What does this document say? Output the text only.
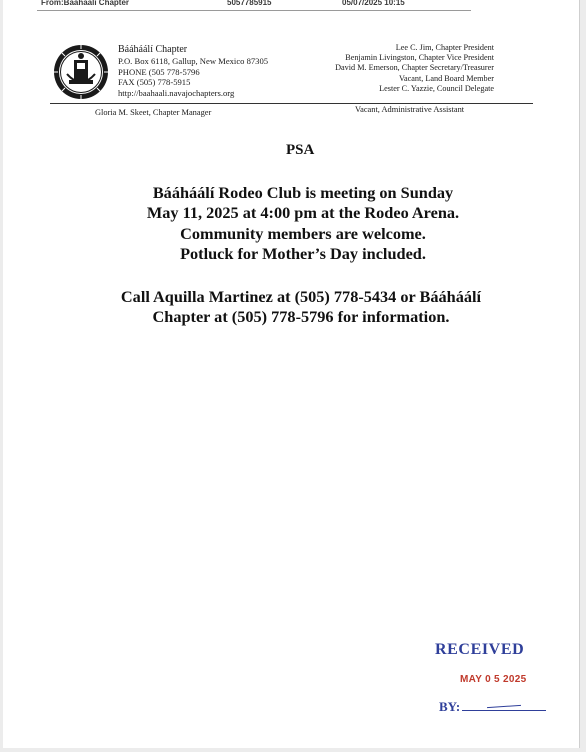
From:Baahaali Chapter	5057785915	05/07/2025 10:15
Bááháálí Chapter
P.O. Box 6118, Gallup, New Mexico 87305
PHONE (505 778-5796
FAX (505) 778-5915
http://baahaali.navajochapters.org
Lee C. Jim, Chapter President
Benjamin Livingston, Chapter Vice President
David M. Emerson, Chapter Secretary/Treasurer
Vacant, Land Board Member
Lester C. Yazzie, Council Delegate
Gloria M. Skeet, Chapter Manager	Vacant, Administrative Assistant
PSA
Bááháálí Rodeo Club is meeting on Sunday
May 11, 2025 at 4:00 pm at the Rodeo Arena.
Community members are welcome.
Potluck for Mother’s Day included.
Call Aquilla Martinez at (505) 778-5434 or Bááháálí
Chapter at (505) 778-5796 for information.
RECEIVED
MAY 0 5 2025
BY:
